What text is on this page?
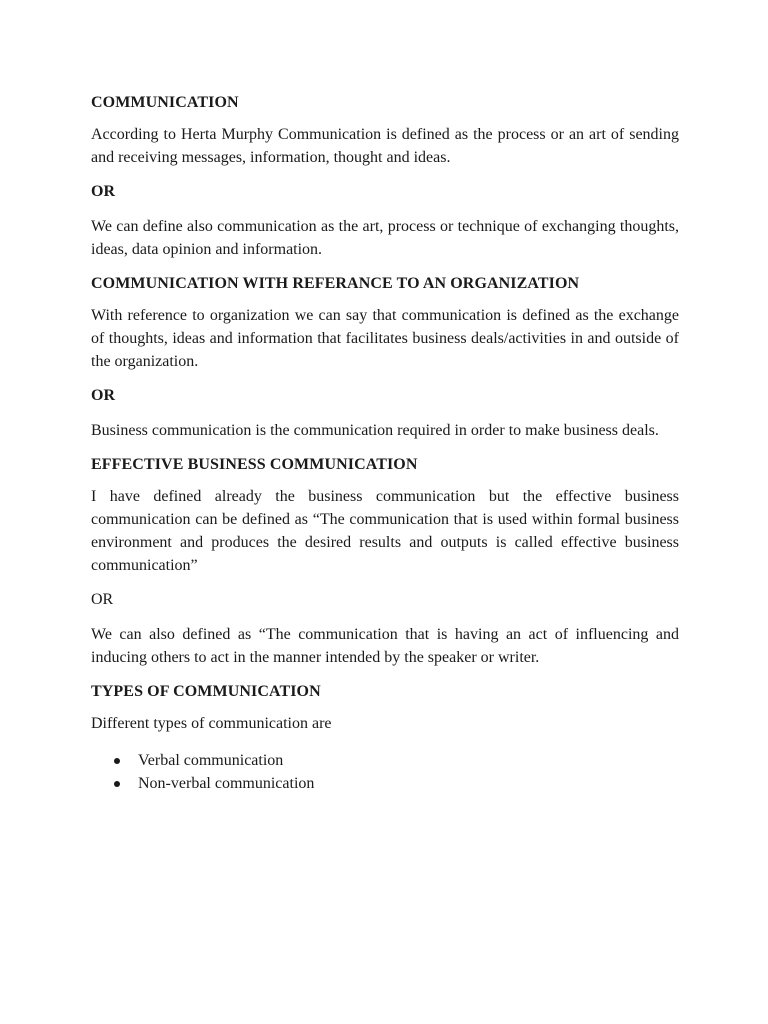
COMMUNICATION

According to Herta Murphy Communication is defined as the process or an art of sending and receiving messages, information, thought and ideas.

OR

We can define also communication as the art, process or technique of exchanging thoughts, ideas, data opinion and information.

COMMUNICATION WITH REFERANCE TO AN ORGANIZATION

With reference to organization we can say that communication is defined as the exchange of thoughts, ideas and information that facilitates business deals/activities in and outside of the organization.

OR

Business communication is the communication required in order to make business deals.

EFFECTIVE BUSINESS COMMUNICATION

I have defined already the business communication but the effective business communication can be defined as “The communication that is used within formal business environment and produces the desired results and outputs is called effective business communication”

OR

We can also defined as “The communication that is having an act of influencing and inducing others to act in the manner intended by the speaker or writer.

TYPES OF COMMUNICATION

Different types of communication are

Verbal communication
Non-verbal communication
